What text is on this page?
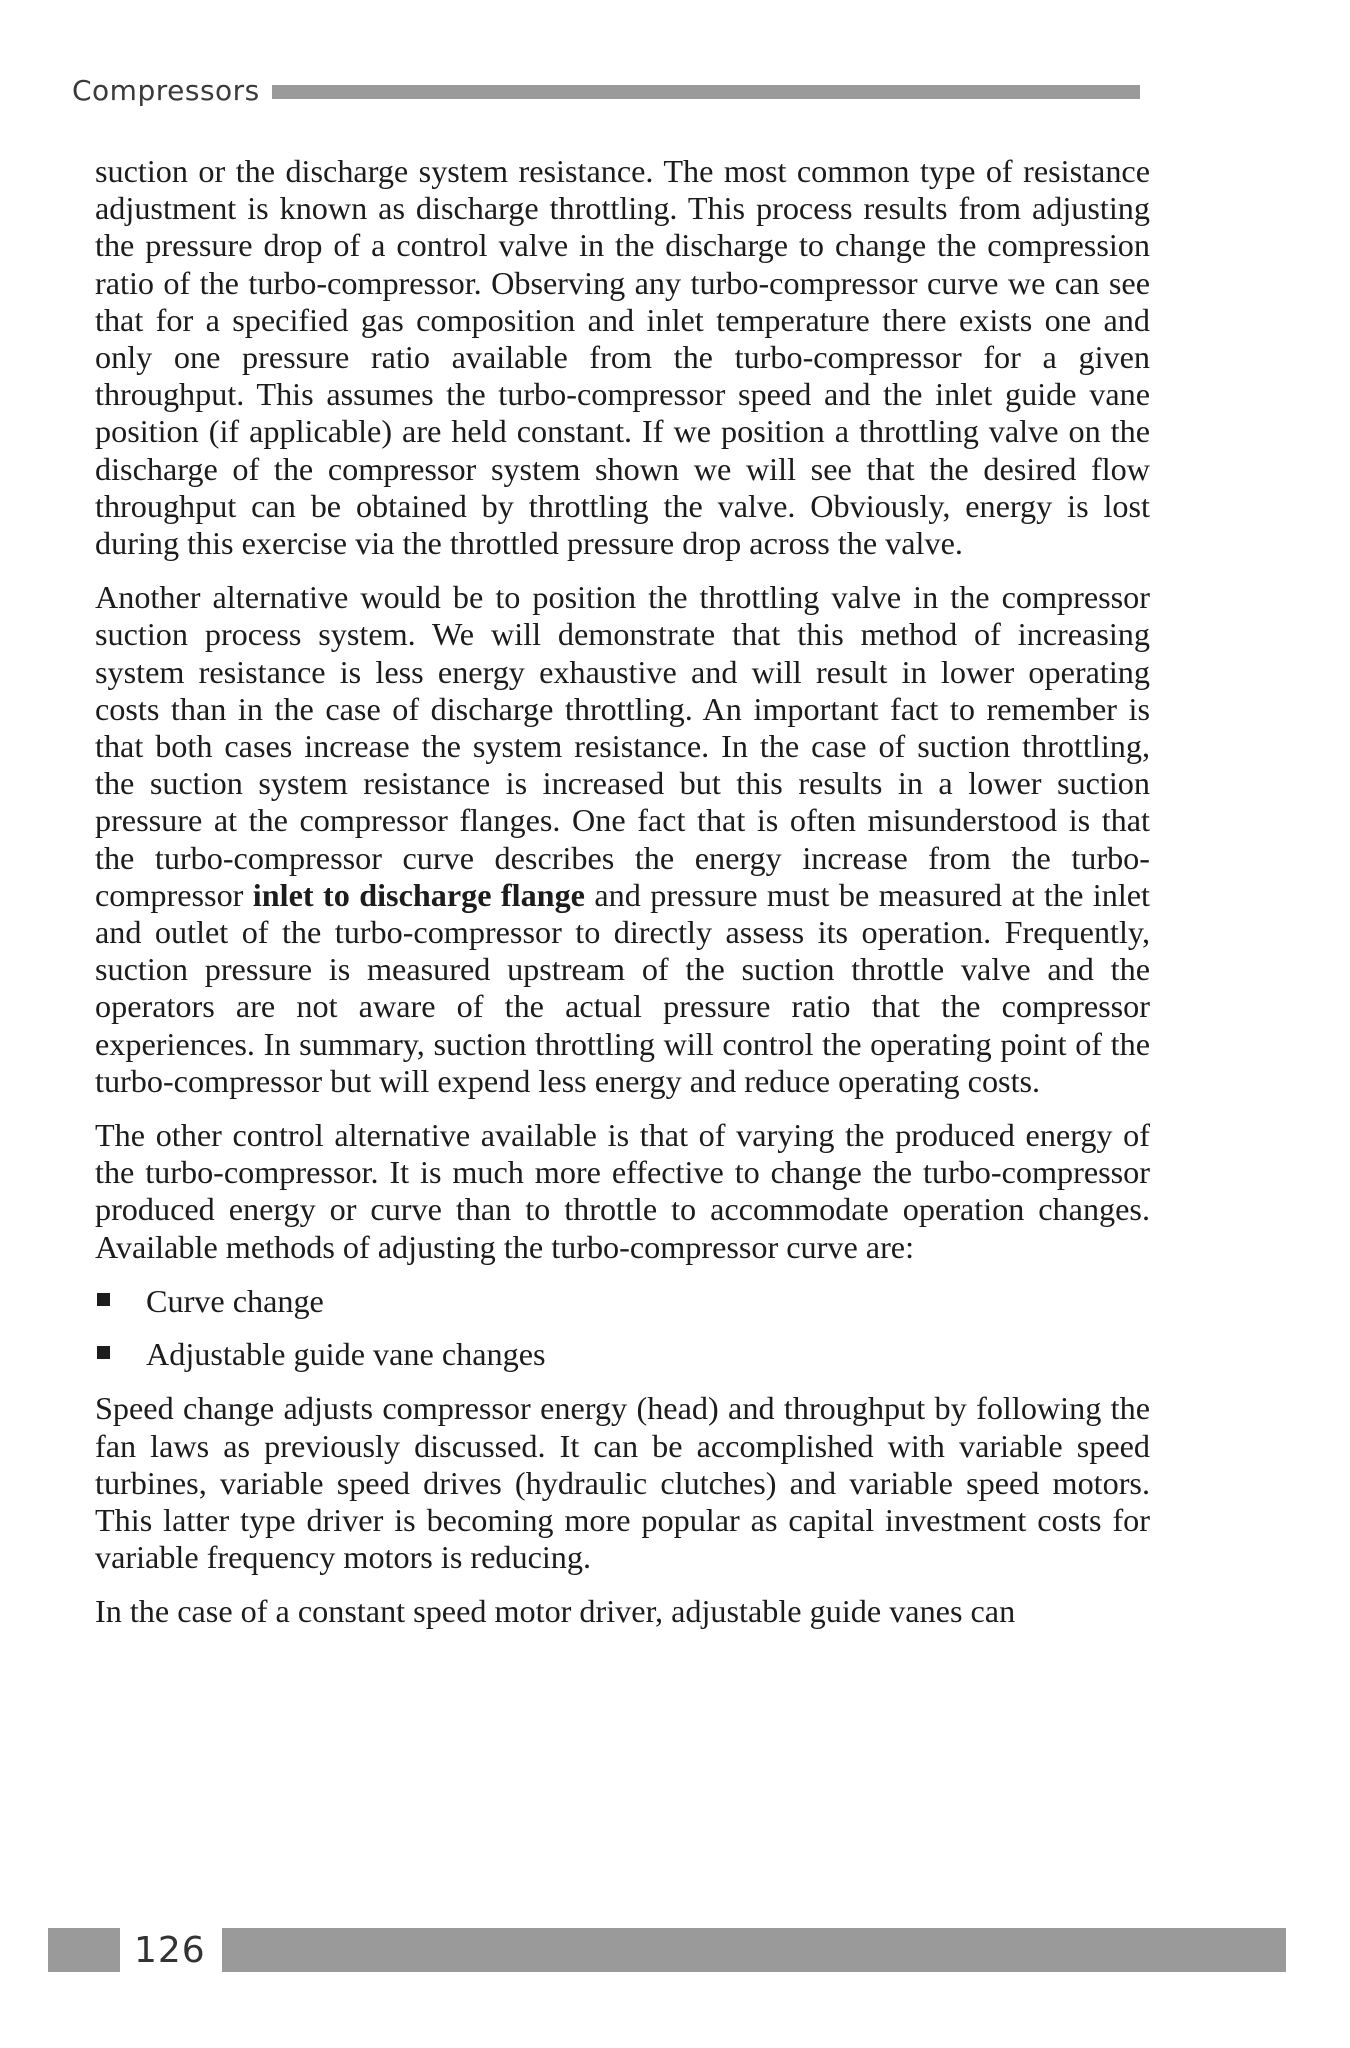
Compressors

suction or the discharge system resistance. The most common type of resistance adjustment is known as discharge throttling. This process results from adjusting the pressure drop of a control valve in the discharge to change the compression ratio of the turbo-compressor. Observing any turbo-compressor curve we can see that for a specified gas composition and inlet temperature there exists one and only one pressure ratio available from the turbo-compressor for a given throughput. This assumes the turbo-compressor speed and the inlet guide vane position (if applicable) are held constant. If we position a throttling valve on the discharge of the compressor system shown we will see that the desired flow throughput can be obtained by throttling the valve. Obviously, energy is lost during this exercise via the throttled pressure drop across the valve.

Another alternative would be to position the throttling valve in the compressor suction process system. We will demonstrate that this method of increasing system resistance is less energy exhaustive and will result in lower operating costs than in the case of discharge throttling. An important fact to remember is that both cases increase the system resistance. In the case of suction throttling, the suction system resistance is increased but this results in a lower suction pressure at the compressor flanges. One fact that is often misunderstood is that the turbo-compressor curve describes the energy increase from the turbo-compressor inlet to discharge flange and pressure must be measured at the inlet and outlet of the turbo-compressor to directly assess its operation. Frequently, suction pressure is measured upstream of the suction throttle valve and the operators are not aware of the actual pressure ratio that the compressor experiences. In summary, suction throttling will control the operating point of the turbo-compressor but will expend less energy and reduce operating costs.

The other control alternative available is that of varying the produced energy of the turbo-compressor. It is much more effective to change the turbo-compressor produced energy or curve than to throttle to accommodate operation changes. Available methods of adjusting the turbo-compressor curve are:

Curve change
Adjustable guide vane changes

Speed change adjusts compressor energy (head) and throughput by following the fan laws as previously discussed. It can be accomplished with variable speed turbines, variable speed drives (hydraulic clutches) and variable speed motors. This latter type driver is becoming more popular as capital investment costs for variable frequency motors is reducing.

In the case of a constant speed motor driver, adjustable guide vanes can

126
